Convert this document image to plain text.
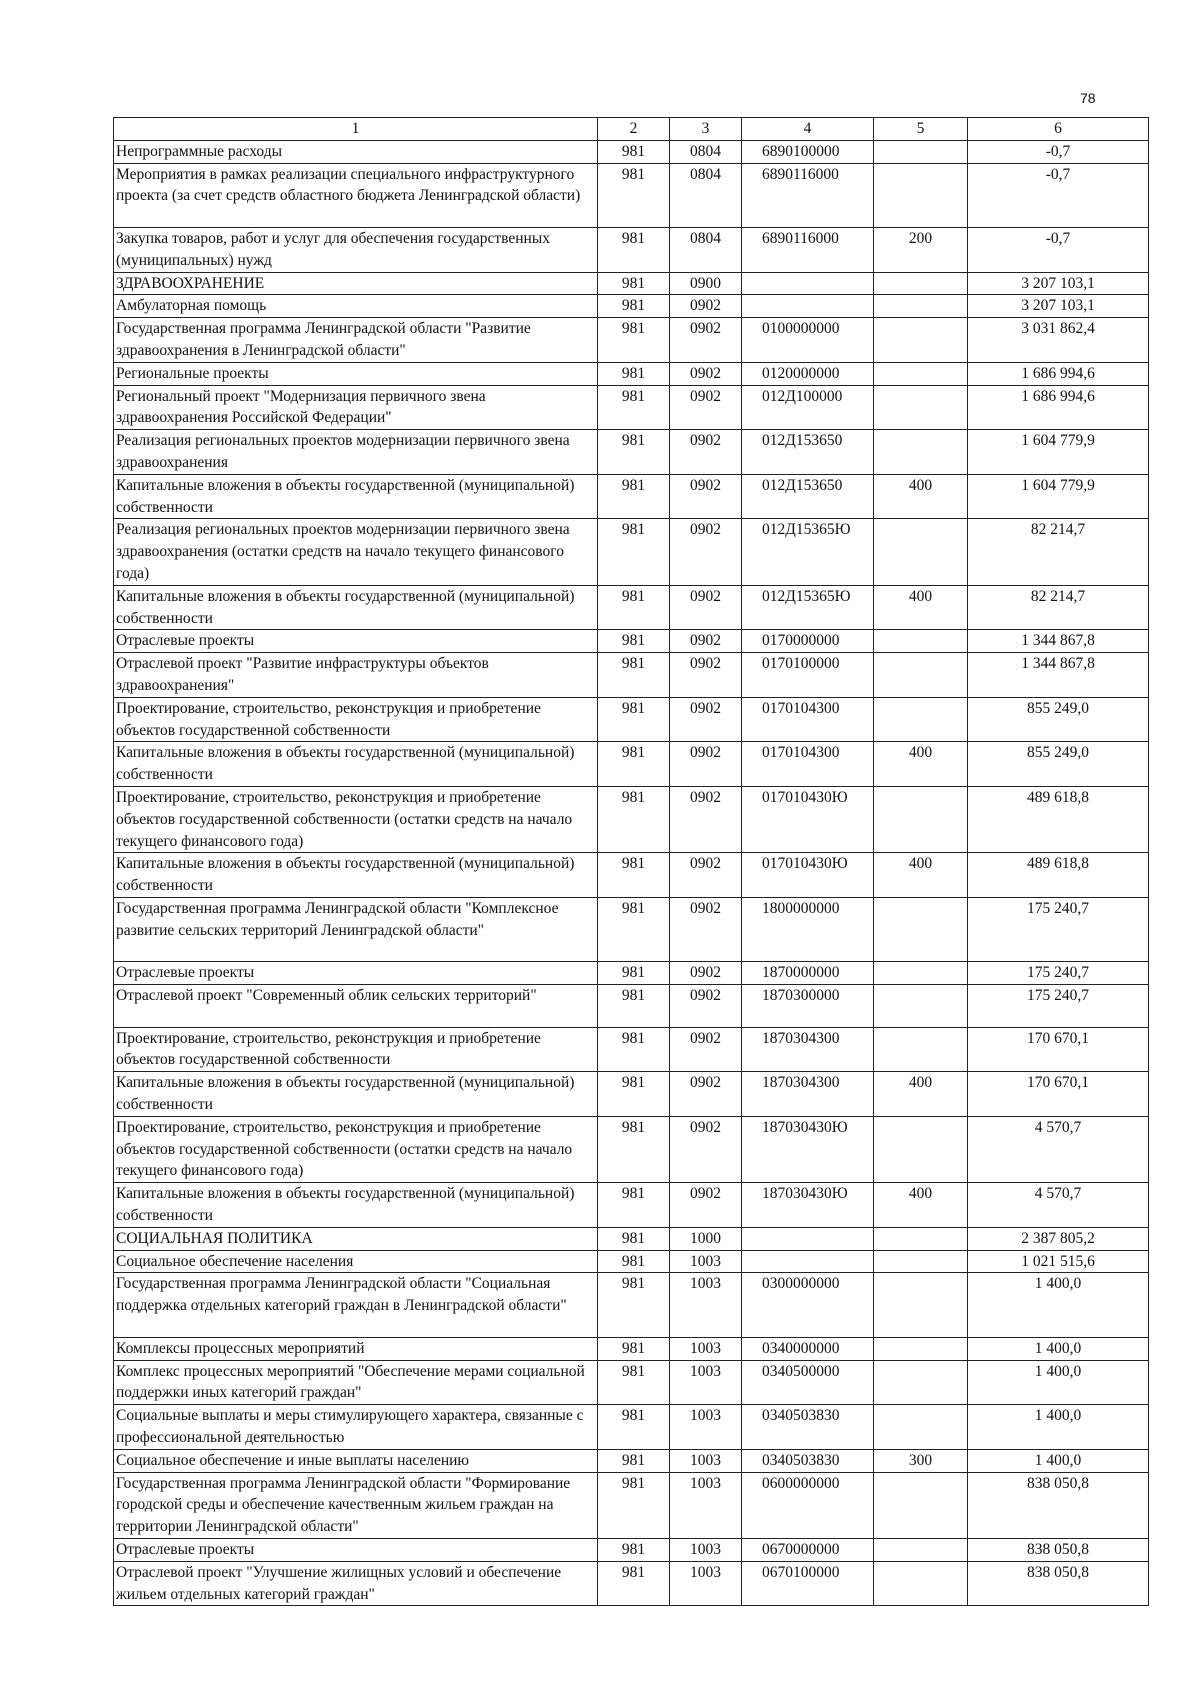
78
1	2	3	4	5	6
Непрограммные расходы	981	0804	6890100000		-0,7
Мероприятия в рамках реализации специального инфраструктурного проекта (за счет средств областного бюджета Ленинградской области)	981	0804	6890116000		-0,7
Закупка товаров, работ и услуг для обеспечения государственных (муниципальных) нужд	981	0804	6890116000	200	-0,7
ЗДРАВООХРАНЕНИЕ	981	0900			3 207 103,1
Амбулаторная помощь	981	0902			3 207 103,1
Государственная программа Ленинградской области "Развитие здравоохранения в Ленинградской области"	981	0902	0100000000		3 031 862,4
Региональные проекты	981	0902	0120000000		1 686 994,6
Региональный проект "Модернизация первичного звена здравоохранения Российской Федерации"	981	0902	012Д100000		1 686 994,6
Реализация региональных проектов модернизации первичного звена здравоохранения	981	0902	012Д153650		1 604 779,9
Капитальные вложения в объекты государственной (муниципальной) собственности	981	0902	012Д153650	400	1 604 779,9
Реализация региональных проектов модернизации первичного звена здравоохранения (остатки средств на начало текущего финансового года)	981	0902	012Д15365Ю		82 214,7
Капитальные вложения в объекты государственной (муниципальной) собственности	981	0902	012Д15365Ю	400	82 214,7
Отраслевые проекты	981	0902	0170000000		1 344 867,8
Отраслевой проект "Развитие инфраструктуры объектов здравоохранения"	981	0902	0170100000		1 344 867,8
Проектирование, строительство, реконструкция и приобретение объектов государственной собственности	981	0902	0170104300		855 249,0
Капитальные вложения в объекты государственной (муниципальной) собственности	981	0902	0170104300	400	855 249,0
Проектирование, строительство, реконструкция и приобретение объектов государственной собственности (остатки средств на начало текущего финансового года)	981	0902	017010430Ю		489 618,8
Капитальные вложения в объекты государственной (муниципальной) собственности	981	0902	017010430Ю	400	489 618,8
Государственная программа Ленинградской области "Комплексное развитие сельских территорий Ленинградской области"	981	0902	1800000000		175 240,7
Отраслевые проекты	981	0902	1870000000		175 240,7
Отраслевой проект "Современный облик сельских территорий"	981	0902	1870300000		175 240,7
Проектирование, строительство, реконструкция и приобретение объектов государственной собственности	981	0902	1870304300		170 670,1
Капитальные вложения в объекты государственной (муниципальной) собственности	981	0902	1870304300	400	170 670,1
Проектирование, строительство, реконструкция и приобретение объектов государственной собственности (остатки средств на начало текущего финансового года)	981	0902	187030430Ю		4 570,7
Капитальные вложения в объекты государственной (муниципальной) собственности	981	0902	187030430Ю	400	4 570,7
СОЦИАЛЬНАЯ ПОЛИТИКА	981	1000			2 387 805,2
Социальное обеспечение населения	981	1003			1 021 515,6
Государственная программа Ленинградской области "Социальная поддержка отдельных категорий граждан в Ленинградской области"	981	1003	0300000000		1 400,0
Комплексы процессных мероприятий	981	1003	0340000000		1 400,0
Комплекс процессных мероприятий "Обеспечение мерами социальной поддержки иных категорий граждан"	981	1003	0340500000		1 400,0
Социальные выплаты и меры стимулирующего характера, связанные с профессиональной деятельностью	981	1003	0340503830		1 400,0
Социальное обеспечение и иные выплаты населению	981	1003	0340503830	300	1 400,0
Государственная программа Ленинградской области "Формирование городской среды и обеспечение качественным жильем граждан на территории Ленинградской области"	981	1003	0600000000		838 050,8
Отраслевые проекты	981	1003	0670000000		838 050,8
Отраслевой проект "Улучшение жилищных условий и обеспечение жильем отдельных категорий граждан"	981	1003	0670100000		838 050,8
